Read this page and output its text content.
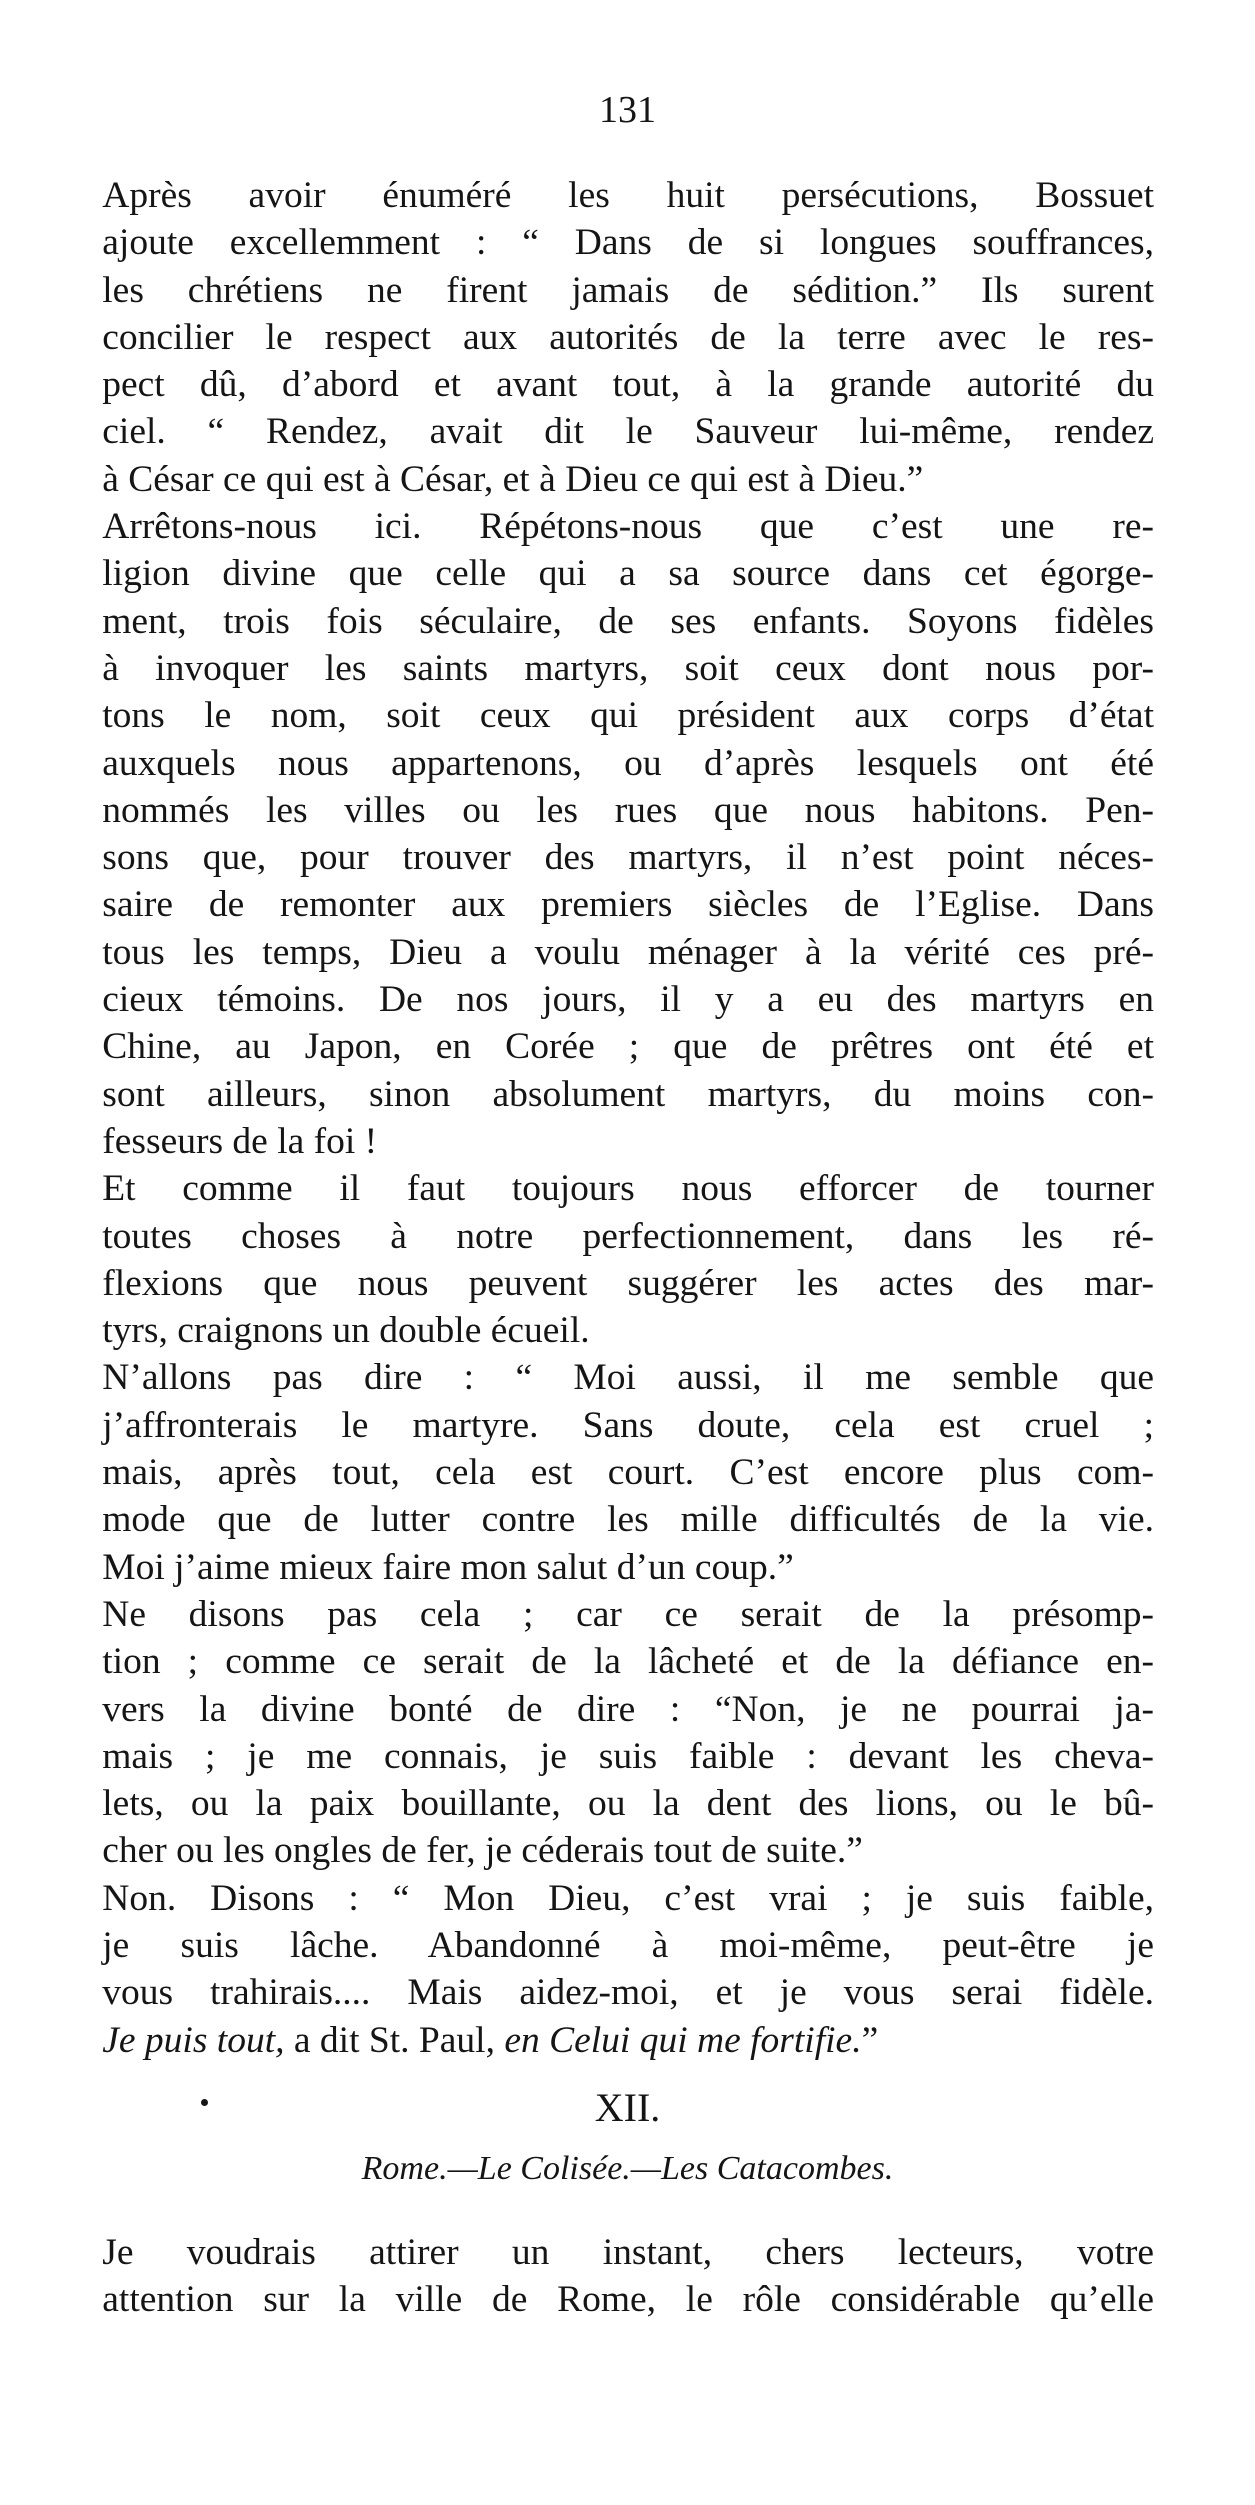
131

Après avoir énuméré les huit persécutions, Bossuet
ajoute excellemment : “ Dans de si longues souffrances,
les chrétiens ne firent jamais de sédition.” Ils surent
concilier le respect aux autorités de la terre avec le res-
pect dû, d’abord et avant tout, à la grande autorité du
ciel. “ Rendez, avait dit le Sauveur lui-même, rendez
à César ce qui est à César, et à Dieu ce qui est à Dieu.”

Arrêtons-nous ici. Répétons-nous que c’est une re-
ligion divine que celle qui a sa source dans cet égorge-
ment, trois fois séculaire, de ses enfants. Soyons fidèles
à invoquer les saints martyrs, soit ceux dont nous por-
tons le nom, soit ceux qui président aux corps d’état
auxquels nous appartenons, ou d’après lesquels ont été
nommés les villes ou les rues que nous habitons. Pen-
sons que, pour trouver des martyrs, il n’est point néces-
saire de remonter aux premiers siècles de l’Eglise. Dans
tous les temps, Dieu a voulu ménager à la vérité ces pré-
cieux témoins. De nos jours, il y a eu des martyrs en
Chine, au Japon, en Corée ; que de prêtres ont été et
sont ailleurs, sinon absolument martyrs, du moins con-
fesseurs de la foi !

Et comme il faut toujours nous efforcer de tourner
toutes choses à notre perfectionnement, dans les ré-
flexions que nous peuvent suggérer les actes des mar-
tyrs, craignons un double écueil.

N’allons pas dire : “ Moi aussi, il me semble que
j’affronterais le martyre. Sans doute, cela est cruel ;
mais, après tout, cela est court. C’est encore plus com-
mode que de lutter contre les mille difficultés de la vie.
Moi j’aime mieux faire mon salut d’un coup.”

Ne disons pas cela ; car ce serait de la présomp-
tion ; comme ce serait de la lâcheté et de la défiance en-
vers la divine bonté de dire : “Non, je ne pourrai ja-
mais ; je me connais, je suis faible : devant les cheva-
lets, ou la paix bouillante, ou la dent des lions, ou le bû-
cher ou les ongles de fer, je céderais tout de suite.”

Non. Disons : “ Mon Dieu, c’est vrai ; je suis faible,
je suis lâche. Abandonné à moi-même, peut-être je
vous trahirais.... Mais aidez-moi, et je vous serai fidèle.
Je puis tout, a dit St. Paul, en Celui qui me fortifie.”

XII.
Rome.—Le Colisée.—Les Catacombes.

Je voudrais attirer un instant, chers lecteurs, votre
attention sur la ville de Rome, le rôle considérable qu’elle
